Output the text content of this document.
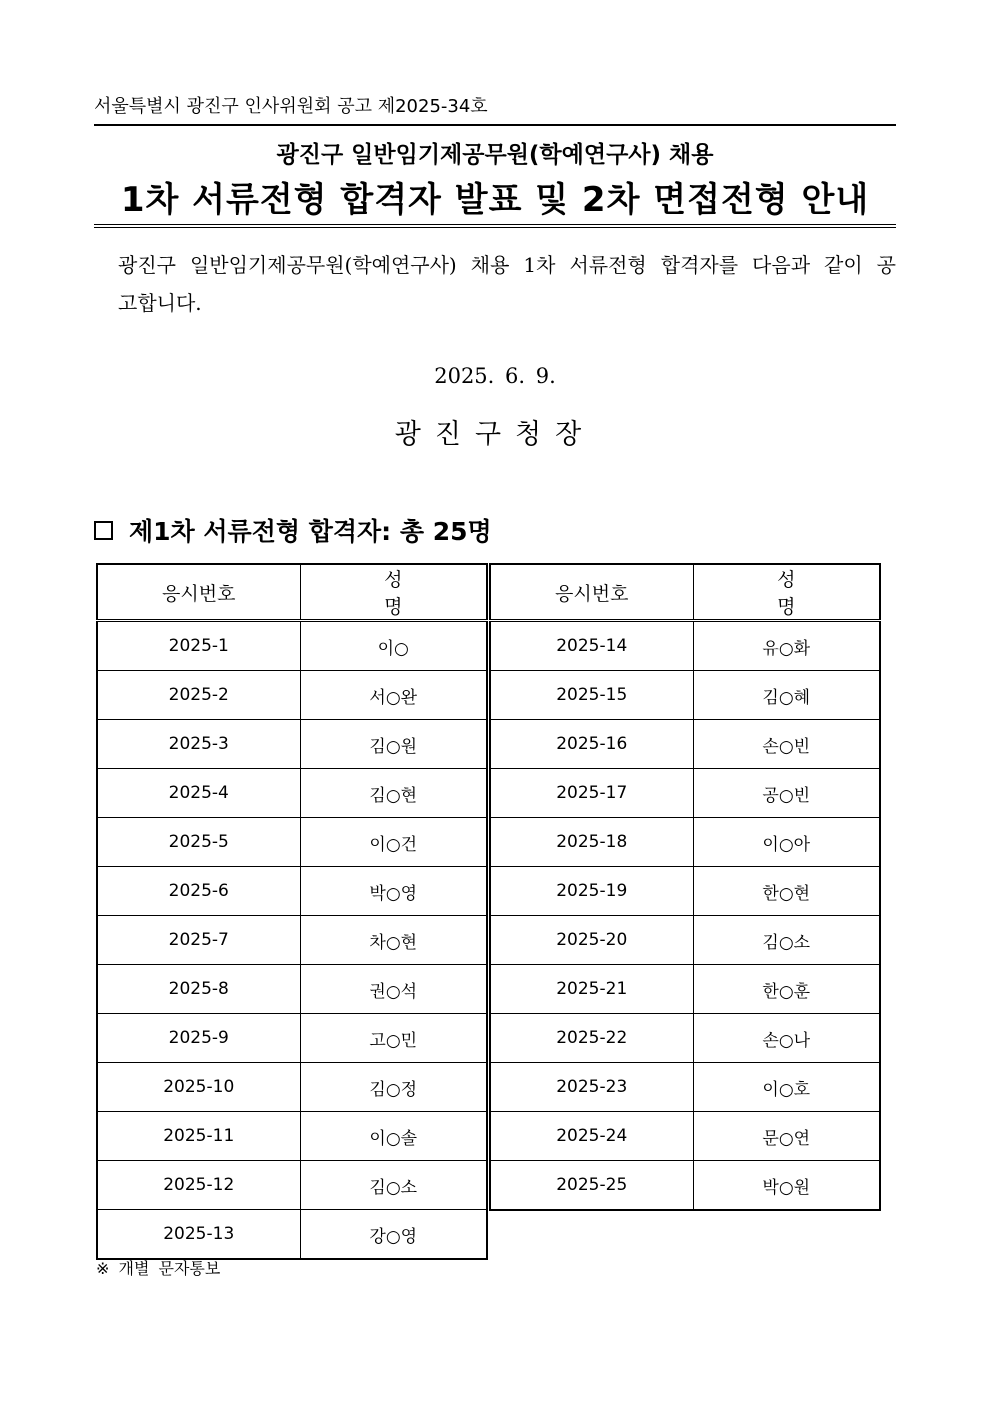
서울특별시 광진구 인사위원회 공고 제2025-34호
광진구 일반임기제공무원(학예연구사) 채용
1차 서류전형 합격자 발표 및 2차 면접전형 안내
광진구 일반임기제공무원(학예연구사) 채용 1차 서류전형 합격자를 다음과 같이 공고합니다.
2025. 6. 9.
광진구청장
제1차 서류전형 합격자: 총 25명
응시번호	성 명
2025-1	이○
2025-2	서○완
2025-3	김○원
2025-4	김○현
2025-5	이○건
2025-6	박○영
2025-7	차○현
2025-8	권○석
2025-9	고○민
2025-10	김○정
2025-11	이○솔
2025-12	김○소
2025-13	강○영
응시번호	성 명
2025-14	유○화
2025-15	김○혜
2025-16	손○빈
2025-17	공○빈
2025-18	이○아
2025-19	한○현
2025-20	김○소
2025-21	한○훈
2025-22	손○나
2025-23	이○호
2025-24	문○연
2025-25	박○원
※ 개별 문자통보
